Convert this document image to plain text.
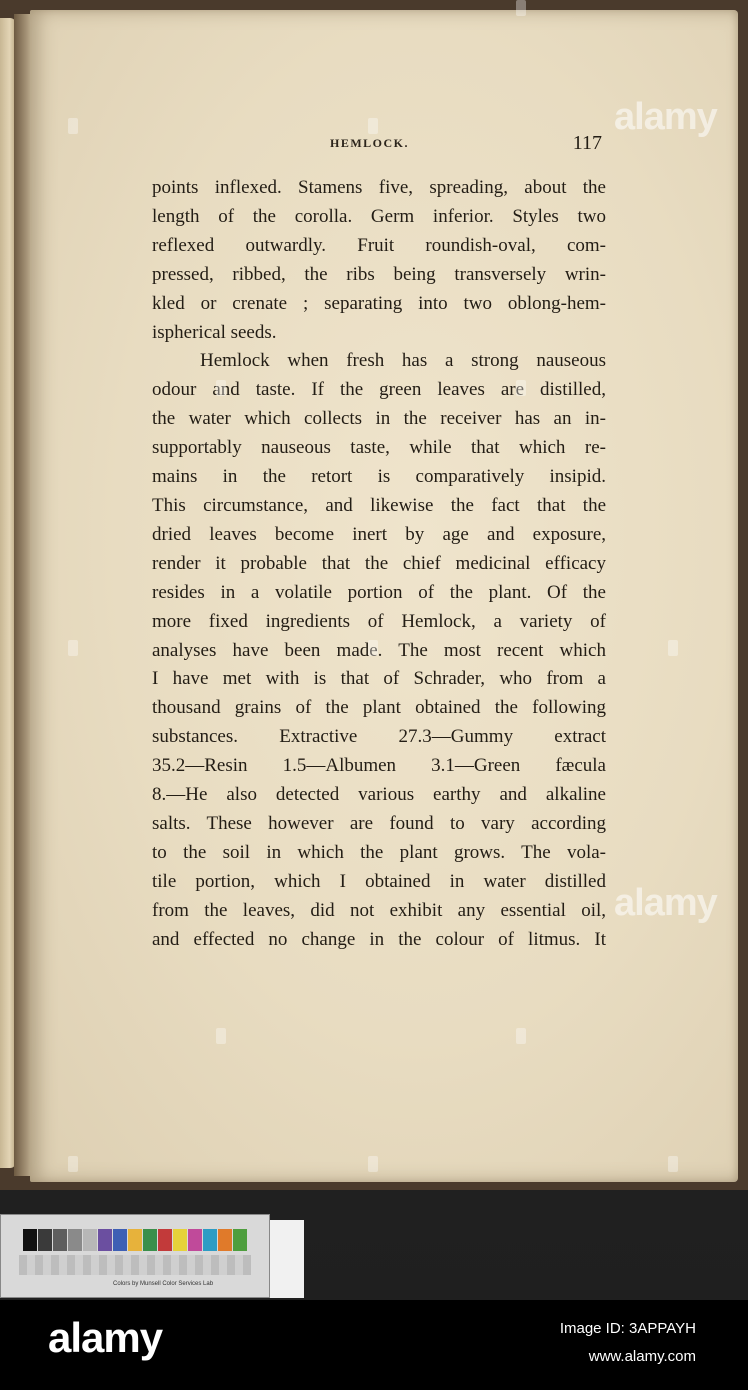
HEMLOCK.	117
points inflexed. Stamens five, spreading, about the
length of the corolla. Germ inferior. Styles two
reflexed outwardly. Fruit roundish-oval, com-
pressed, ribbed, the ribs being transversely wrin-
kled or crenate ; separating into two oblong-hem-
ispherical seeds.
Hemlock when fresh has a strong nauseous
odour and taste. If the green leaves are distilled,
the water which collects in the receiver has an in-
supportably nauseous taste, while that which re-
mains in the retort is comparatively insipid.
This circumstance, and likewise the fact that the
dried leaves become inert by age and exposure,
render it probable that the chief medicinal efficacy
resides in a volatile portion of the plant. Of the
more fixed ingredients of Hemlock, a variety of
analyses have been made. The most recent which
I have met with is that of Schrader, who from a
thousand grains of the plant obtained the following
substances. Extractive 27.3—Gummy extract
35.2—Resin 1.5—Albumen 3.1—Green fæcula
8.—He also detected various earthy and alkaline
salts. These however are found to vary according
to the soil in which the plant grows. The vola-
tile portion, which I obtained in water distilled
from the leaves, did not exhibit any essential oil,
and effected no change in the colour of litmus. It
alamy
alamy
Colors by Munsell Color Services Lab
alamy	Image ID: 3APPAYH
www.alamy.com
